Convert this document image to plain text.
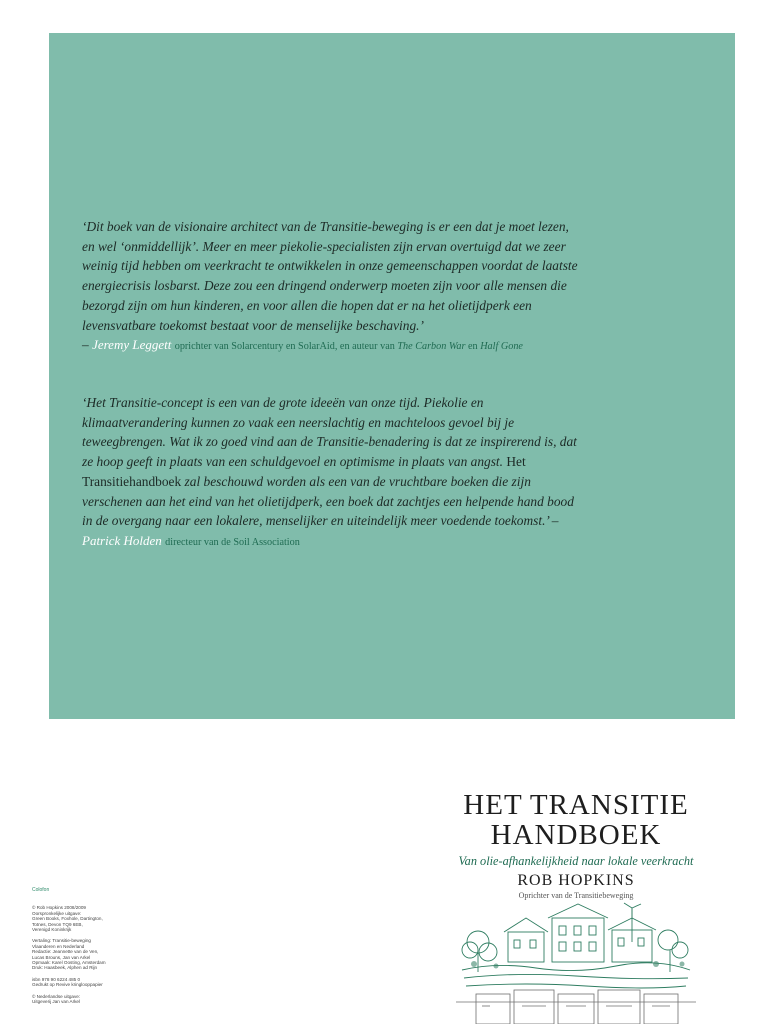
‘Dit boek van de visionaire architect van de Transitie-beweging is er een dat je moet lezen, en wel ‘onmiddellijk’. Meer en meer piekolie-specialisten zijn ervan overtuigd dat we zeer weinig tijd hebben om veerkracht te ontwikkelen in onze gemeenschappen voordat de laatste energiecrisis losbarst. Deze zou een dringend onderwerp moeten zijn voor alle mensen die bezorgd zijn om hun kinderen, en voor allen die hopen dat er na het olietijdperk een levensvatbare toekomst bestaat voor de menselijke beschaving.’
– Jeremy Leggett oprichter van Solarcentury en SolarAid, en auteur van The Carbon War en Half Gone
‘Het Transitie-concept is een van de grote ideeën van onze tijd. Piekolie en klimaatverandering kunnen zo vaak een neerslachtig en machteloos gevoel bij je teweegbrengen. Wat ik zo goed vind aan de Transitie-benadering is dat ze inspirerend is, dat ze hoop geeft in plaats van een schuldgevoel en optimisme in plaats van angst. Het Transitiehandboek zal beschouwd worden als een van de vruchtbare boeken die zijn verschenen aan het eind van het olietijdperk, een boek dat zachtjes een helpende hand bood in de overgang naar een lokalere, menselijker en uiteindelijk meer voedende toekomst.’ – Patrick Holden directeur van de Soil Association
Colofon
© Rob Hopkins 2008/2009
Oorspronkelijke uitgave:
Green Books, Foxhole, Dartington,
Totnes, Devon TQ9 6EB,
Verenigd Koninkrijk
Vertaling: Transitie-beweging
Vlaanderen en Nederland
Redactie: Jeannette van de Ven,
Lucas Brouns, Jan van Arkel
Opmaak: Karel Oosting, Amsterdam
Druk: Haasbeek, Alphen ad Rijn
isbn 978 90 6224 485 0
Gedrukt op Revive kringlooppapier
© Nederlandse uitgave:
Uitgeverij Jan van Arkel
HET TRANSITIE
HANDBOEK
Van olie-afhankelijkheid naar lokale veerkracht
ROB HOPKINS
Oprichter van de Transitiebeweging
